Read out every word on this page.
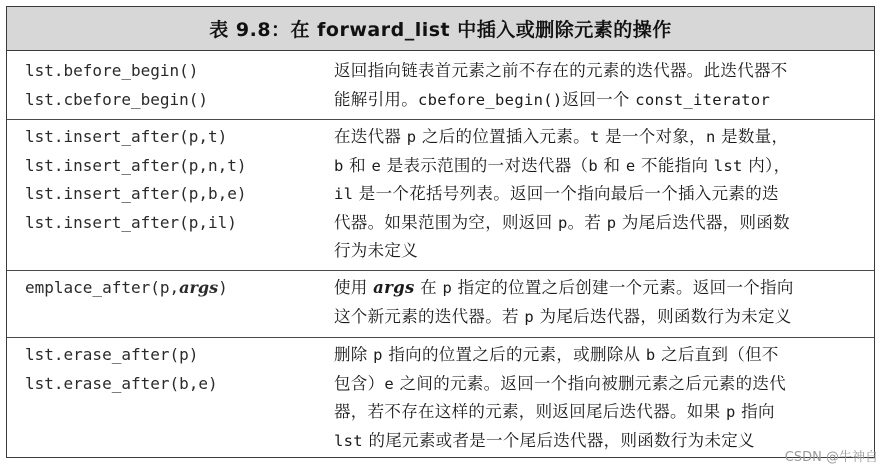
表 9.8：在 forward_list 中插入或删除元素的操作
lst.before_begin()
lst.cbefore_begin()
返回指向链表首元素之前不存在的元素的迭代器。此迭代器不
能解引用。cbefore_begin()返回一个 const_iterator
lst.insert_after(p,t)
lst.insert_after(p,n,t)
lst.insert_after(p,b,e)
lst.insert_after(p,il)
在迭代器 p 之后的位置插入元素。t 是一个对象，n 是数量，
b 和 e 是表示范围的一对迭代器（b 和 e 不能指向 lst 内），
il 是一个花括号列表。返回一个指向最后一个插入元素的迭
代器。如果范围为空，则返回 p。若 p 为尾后迭代器，则函数
行为未定义
emplace_after(p,args)	使用 args 在 p 指定的位置之后创建一个元素。返回一个指向
这个新元素的迭代器。若 p 为尾后迭代器，则函数行为未定义
lst.erase_after(p)
lst.erase_after(b,e)
删除 p 指向的位置之后的元素，或删除从 b 之后直到（但不
包含）e 之间的元素。返回一个指向被删元素之后元素的迭代
器，若不存在这样的元素，则返回尾后迭代器。如果 p 指向
lst 的尾元素或者是一个尾后迭代器，则函数行为未定义
CSDN @牛神自
